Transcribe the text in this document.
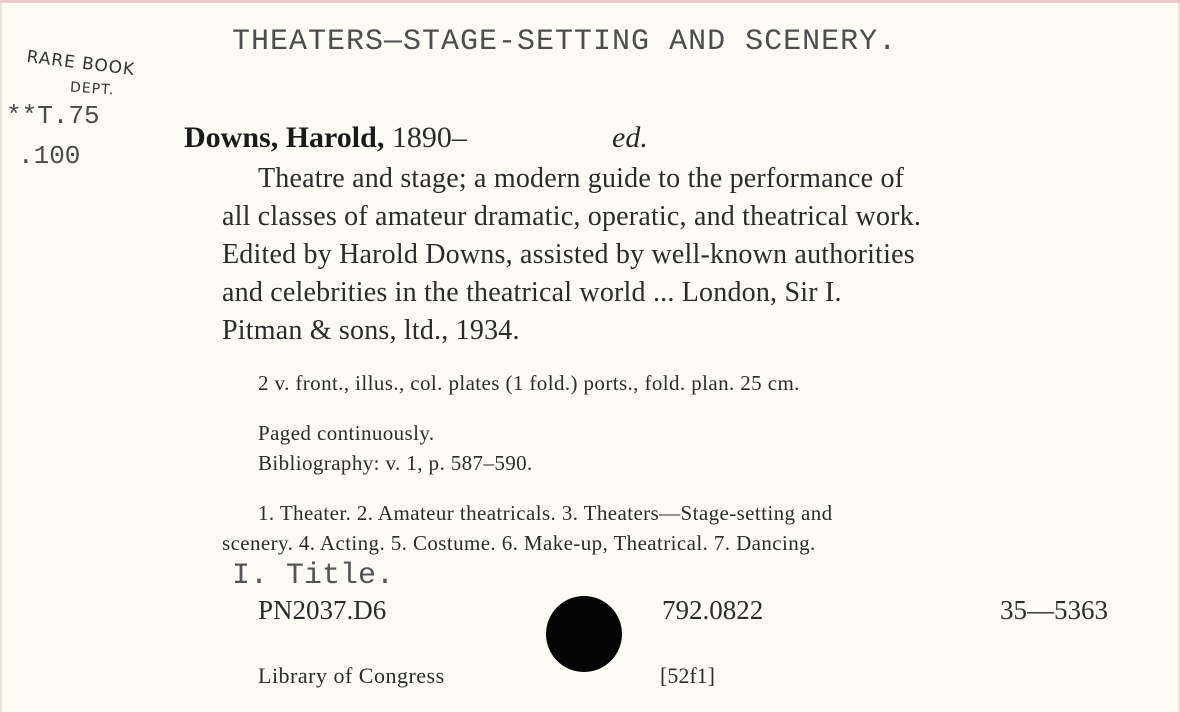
THEATERS—STAGE-SETTING AND SCENERY.
RARE BOOK
DEPT.
**T.75
.100
Downs, Harold, 1890–	ed.
Theatre and stage; a modern guide to the performance of
all classes of amateur dramatic, operatic, and theatrical work.
Edited by Harold Downs, assisted by well-known authorities
and celebrities in the theatrical world ... London, Sir I.
Pitman & sons, ltd., 1934.
2 v. front., illus., col. plates (1 fold.) ports., fold. plan. 25 cm.
Paged continuously.
Bibliography: v. 1, p. 587–590.
1. Theater. 2. Amateur theatricals. 3. Theaters—Stage-setting and
scenery. 4. Acting. 5. Costume. 6. Make-up, Theatrical. 7. Dancing.
I. Title.
PN2037.D6	792.0822	35—5363
Library of Congress	[52f1]
